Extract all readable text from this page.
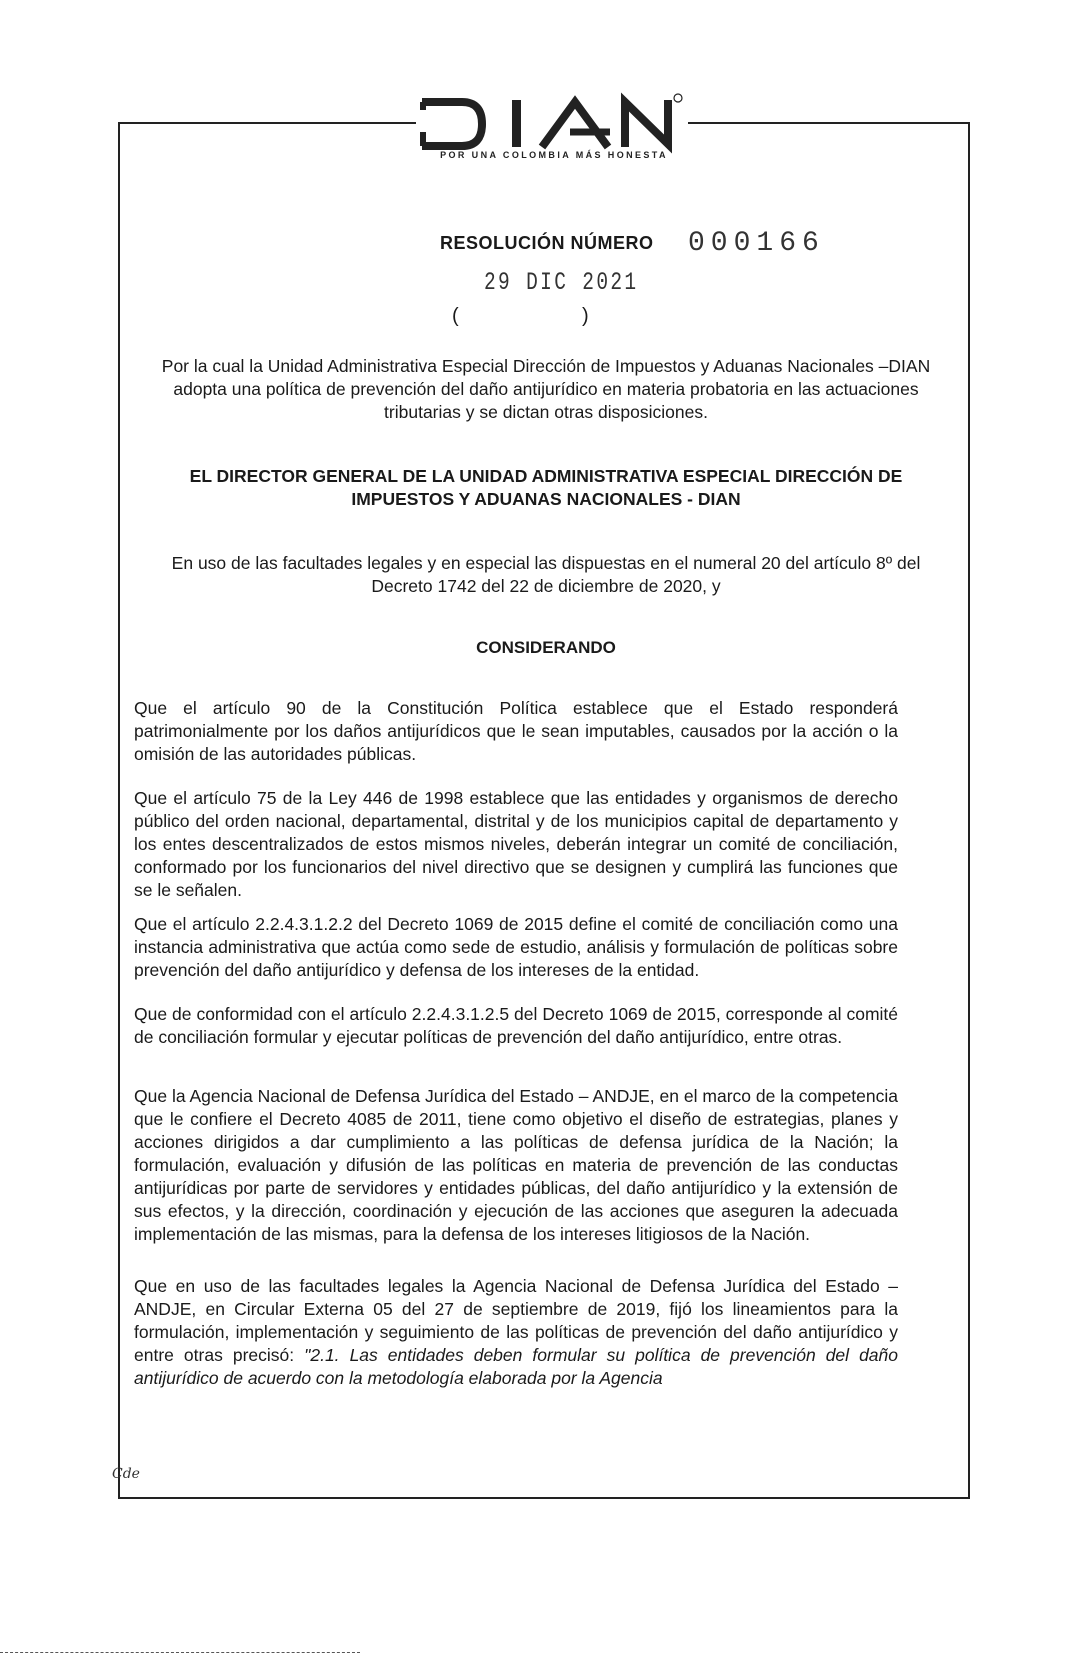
POR UNA COLOMBIA MÁS HONESTA
RESOLUCIÓN NÚMERO 000166
29 DIC 2021
(	)

Por la cual la Unidad Administrativa Especial Dirección de Impuestos y Aduanas Nacionales –DIAN adopta una política de prevención del daño antijurídico en materia probatoria en las actuaciones tributarias y se dictan otras disposiciones.

EL DIRECTOR GENERAL DE LA UNIDAD ADMINISTRATIVA ESPECIAL DIRECCIÓN DE IMPUESTOS Y ADUANAS NACIONALES - DIAN

En uso de las facultades legales y en especial las dispuestas en el numeral 20 del artículo 8º del Decreto 1742 del 22 de diciembre de 2020, y

CONSIDERANDO

Que el artículo 90 de la Constitución Política establece que el Estado responderá patrimonialmente por los daños antijurídicos que le sean imputables, causados por la acción o la omisión de las autoridades públicas.

Que el artículo 75 de la Ley 446 de 1998 establece que las entidades y organismos de derecho público del orden nacional, departamental, distrital y de los municipios capital de departamento y los entes descentralizados de estos mismos niveles, deberán integrar un comité de conciliación, conformado por los funcionarios del nivel directivo que se designen y cumplirá las funciones que se le señalen.

Que el artículo 2.2.4.3.1.2.2 del Decreto 1069 de 2015 define el comité de conciliación como una instancia administrativa que actúa como sede de estudio, análisis y formulación de políticas sobre prevención del daño antijurídico y defensa de los intereses de la entidad.

Que de conformidad con el artículo 2.2.4.3.1.2.5 del Decreto 1069 de 2015, corresponde al comité de conciliación formular y ejecutar políticas de prevención del daño antijurídico, entre otras.

Que la Agencia Nacional de Defensa Jurídica del Estado – ANDJE, en el marco de la competencia que le confiere el Decreto 4085 de 2011, tiene como objetivo el diseño de estrategias, planes y acciones dirigidos a dar cumplimiento a las políticas de defensa jurídica de la Nación; la formulación, evaluación y difusión de las políticas en materia de prevención de las conductas antijurídicas por parte de servidores y entidades públicas, del daño antijurídico y la extensión de sus efectos, y la dirección, coordinación y ejecución de las acciones que aseguren la adecuada implementación de las mismas, para la defensa de los intereses litigiosos de la Nación.

Que en uso de las facultades legales la Agencia Nacional de Defensa Jurídica del Estado – ANDJE, en Circular Externa 05 del 27 de septiembre de 2019, fijó los lineamientos para la formulación, implementación y seguimiento de las políticas de prevención del daño antijurídico y entre otras precisó: "2.1. Las entidades deben formular su política de prevención del daño antijurídico de acuerdo con la metodología elaborada por la Agencia

Cde
